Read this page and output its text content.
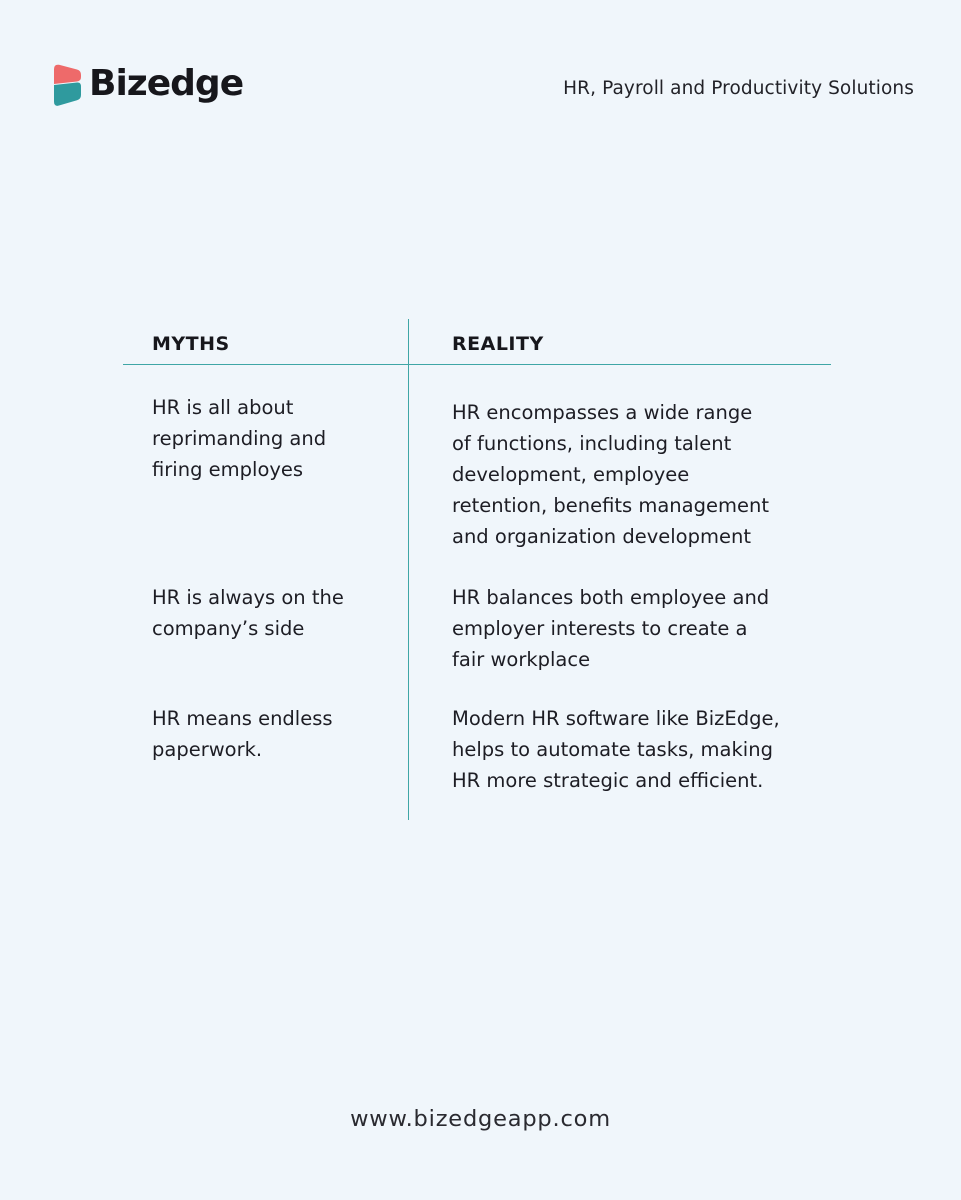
Bizedge	HR, Payroll and Productivity Solutions
MYTHS	REALITY
HR is all about
reprimanding and
firing employes
HR encompasses a wide range
of functions, including talent
development, employee
retention, benefits management
and organization development
HR is always on the
company’s side
HR balances both employee and
employer interests to create a
fair workplace
HR means endless
paperwork.
Modern HR software like BizEdge,
helps to automate tasks, making
HR more strategic and efficient.
www.bizedgeapp.com
